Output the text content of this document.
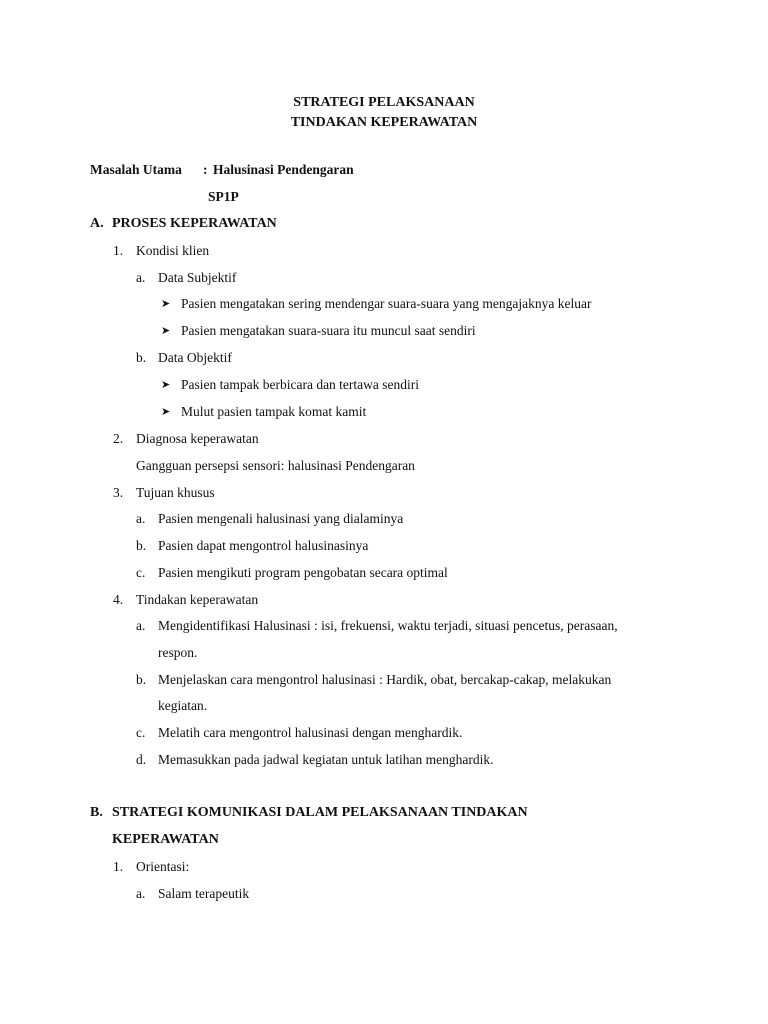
STRATEGI PELAKSANAAN
TINDAKAN KEPERAWATAN
Masalah Utama : Halusinasi Pendengaran
SP1P
A. PROSES KEPERAWATAN
1. Kondisi klien
a. Data Subjektif
➤ Pasien mengatakan sering mendengar suara-suara yang mengajaknya keluar
➤ Pasien mengatakan suara-suara itu muncul saat sendiri
b. Data Objektif
➤ Pasien tampak berbicara dan tertawa sendiri
➤ Mulut pasien tampak komat kamit
2. Diagnosa keperawatan
Gangguan persepsi sensori: halusinasi Pendengaran
3. Tujuan khusus
a. Pasien mengenali halusinasi yang dialaminya
b. Pasien dapat mengontrol halusinasinya
c. Pasien mengikuti program pengobatan secara optimal
4. Tindakan keperawatan
a. Mengidentifikasi Halusinasi : isi, frekuensi, waktu terjadi, situasi pencetus, perasaan,
respon.
b. Menjelaskan cara mengontrol halusinasi : Hardik, obat, bercakap-cakap, melakukan
kegiatan.
c. Melatih cara mengontrol halusinasi dengan menghardik.
d. Memasukkan pada jadwal kegiatan untuk latihan menghardik.
B. STRATEGI KOMUNIKASI DALAM PELAKSANAAN TINDAKAN
KEPERAWATAN
1. Orientasi:
a. Salam terapeutik
